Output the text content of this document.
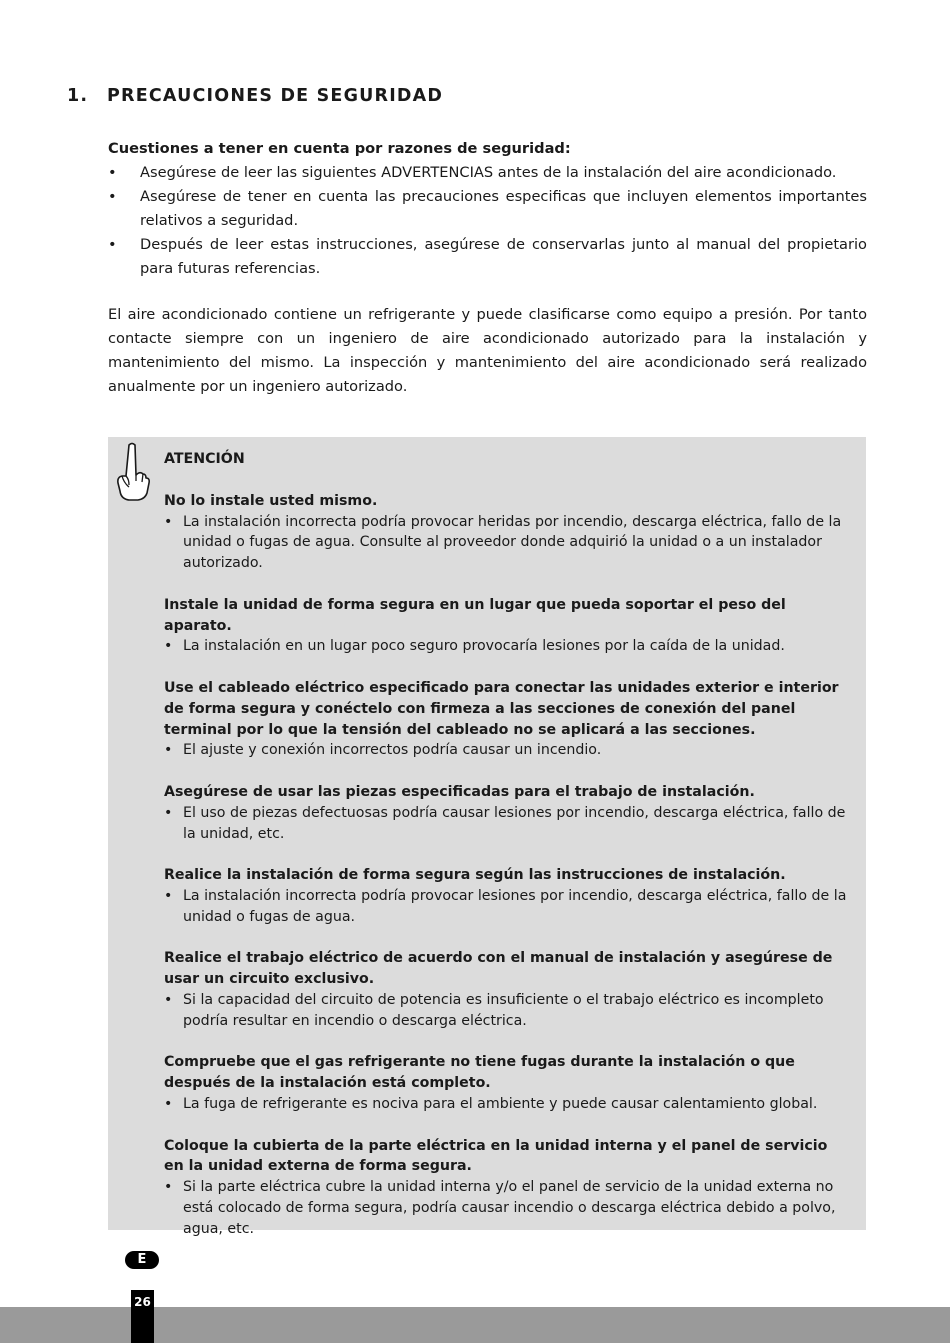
1. PRECAUCIONES DE SEGURIDAD

Cuestiones a tener en cuenta por razones de seguridad:

• Asegúrese de leer las siguientes ADVERTENCIAS antes de la instalación del aire acondicionado.
• Asegúrese de tener en cuenta las precauciones especificas que incluyen elementos importantes relativos a seguridad.
• Después de leer estas instrucciones, asegúrese de conservarlas junto al manual del propietario para futuras referencias.

El aire acondicionado contiene un refrigerante y puede clasificarse como equipo a presión. Por tanto contacte siempre con un ingeniero de aire acondicionado autorizado para la instalación y mantenimiento del mismo. La inspección y mantenimiento del aire acondicionado será realizado anualmente por un ingeniero autorizado.

ATENCIÓN

No lo instale usted mismo.

• La instalación incorrecta podría provocar heridas por incendio, descarga eléctrica, fallo de la unidad o fugas de agua. Consulte al proveedor donde adquirió la unidad o a un instalador autorizado.

Instale la unidad de forma segura en un lugar que pueda soportar el peso del aparato.

• La instalación en un lugar poco seguro provocaría lesiones por la caída de la unidad.

Use el cableado eléctrico especificado para conectar las unidades exterior e interior de forma segura y conéctelo con firmeza a las secciones de conexión del panel terminal por lo que la tensión del cableado no se aplicará a las secciones.

• El ajuste y conexión incorrectos podría causar un incendio.

Asegúrese de usar las piezas especificadas para el trabajo de instalación.

• El uso de piezas defectuosas podría causar lesiones por incendio, descarga eléctrica, fallo de la unidad, etc.

Realice la instalación de forma segura según las instrucciones de instalación.

• La instalación incorrecta podría provocar lesiones por incendio, descarga eléctrica, fallo de la unidad o fugas de agua.

Realice el trabajo eléctrico de acuerdo con el manual de instalación y asegúrese de usar un circuito exclusivo.

• Si la capacidad del circuito de potencia es insuficiente o el trabajo eléctrico es incompleto podría resultar en incendio o descarga eléctrica.

Compruebe que el gas refrigerante no tiene fugas durante la instalación o que después de la instalación está completo.

• La fuga de refrigerante es nociva para el ambiente y puede causar calentamiento global.

Coloque la cubierta de la parte eléctrica en la unidad interna y el panel de servicio en la unidad externa de forma segura.

• Si la parte eléctrica cubre la unidad interna y/o el panel de servicio de la unidad externa no está colocado de forma segura, podría causar incendio o descarga eléctrica debido a polvo, agua, etc.
E
26
